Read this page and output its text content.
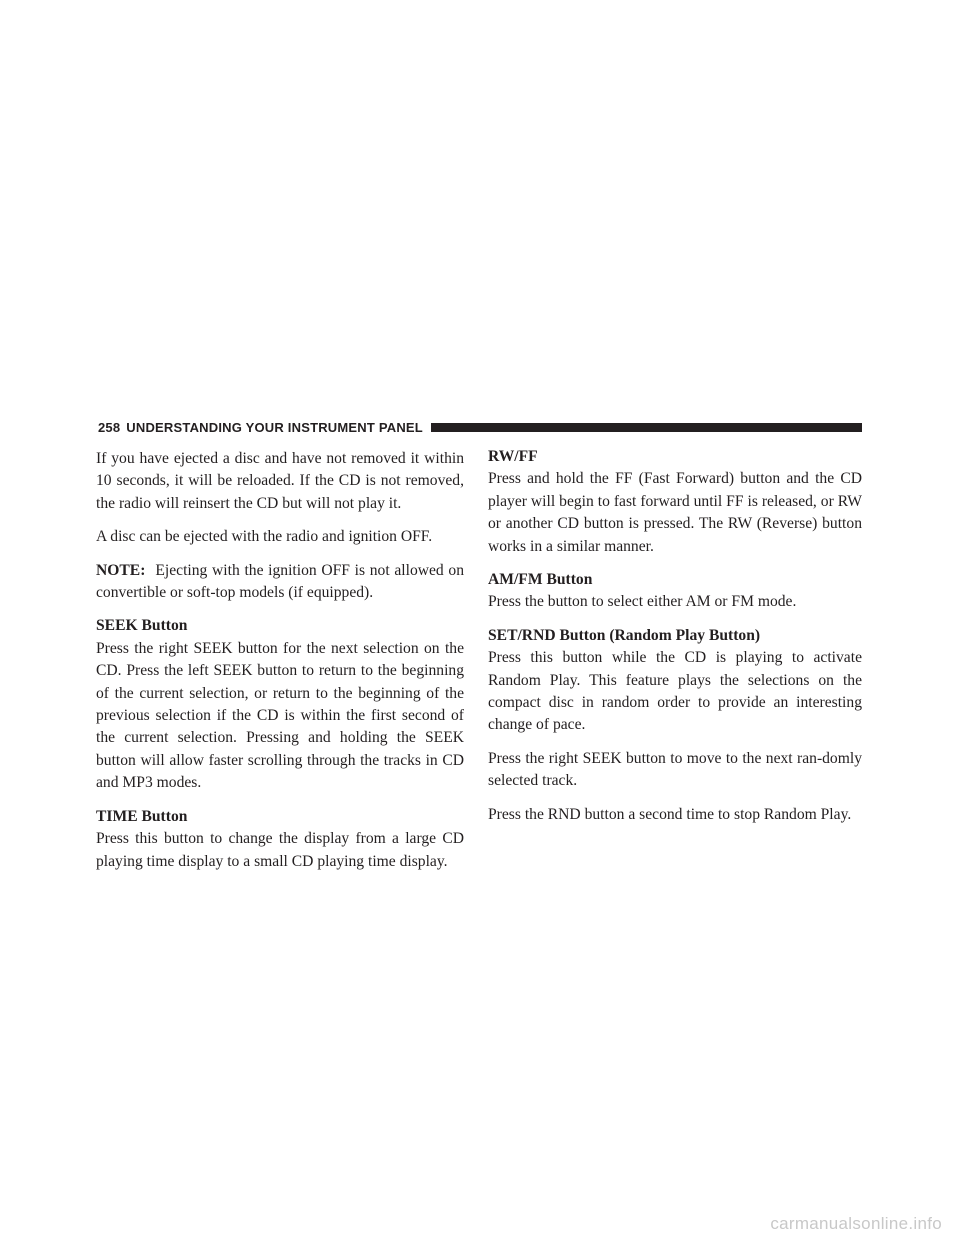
258 UNDERSTANDING YOUR INSTRUMENT PANEL

If you have ejected a disc and have not removed it within 10 seconds, it will be reloaded. If the CD is not removed, the radio will reinsert the CD but will not play it.

A disc can be ejected with the radio and ignition OFF.

NOTE: Ejecting with the ignition OFF is not allowed on convertible or soft-top models (if equipped).

SEEK Button

Press the right SEEK button for the next selection on the CD. Press the left SEEK button to return to the beginning of the current selection, or return to the beginning of the previous selection if the CD is within the first second of the current selection. Pressing and holding the SEEK button will allow faster scrolling through the tracks in CD and MP3 modes.

TIME Button

Press this button to change the display from a large CD playing time display to a small CD playing time display.

RW/FF

Press and hold the FF (Fast Forward) button and the CD player will begin to fast forward until FF is released, or RW or another CD button is pressed. The RW (Reverse) button works in a similar manner.

AM/FM Button

Press the button to select either AM or FM mode.

SET/RND Button (Random Play Button)

Press this button while the CD is playing to activate Random Play. This feature plays the selections on the compact disc in random order to provide an interesting change of pace.

Press the right SEEK button to move to the next ran-domly selected track.

Press the RND button a second time to stop Random Play.

carmanualsonline.info
